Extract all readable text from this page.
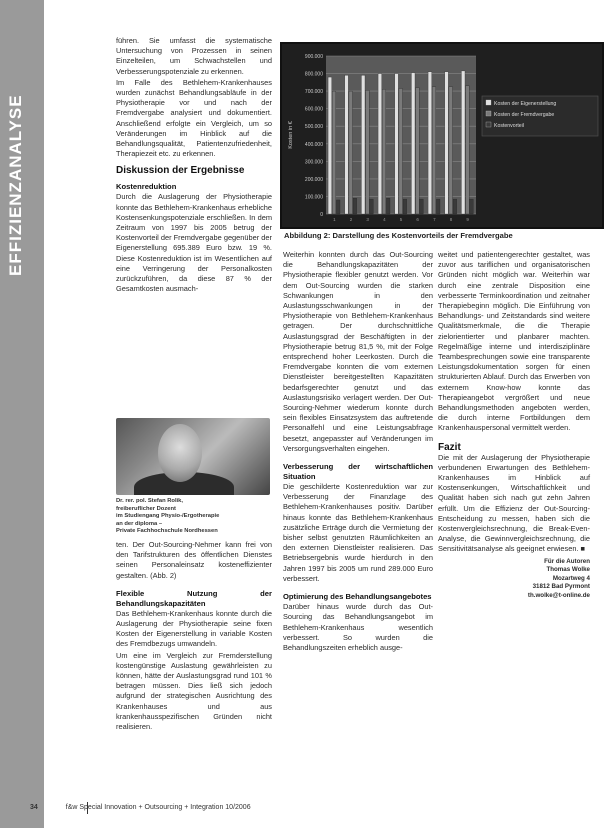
EFFIZIENZANALYSE

führen. Sie umfasst die systematische Untersuchung von Prozessen in seinen Einzelteilen, um Schwachstellen und Verbesserungspotenziale zu erkennen.

Im Falle des Bethlehem-Krankenhauses wurden zunächst Behandlungsabläufe in der Physiotherapie vor und nach der Fremdvergabe analysiert und dokumentiert. Anschließend erfolgte ein Vergleich, um so Veränderungen im Hinblick auf die Behandlungsqualität, Patientenzufriedenheit, Therapiezeit etc. zu erkennen.

Diskussion der Ergebnisse
Kostenreduktion

Durch die Auslagerung der Physiotherapie konnte das Bethlehem-Krankenhaus erhebliche Kostensenkungspotenziale erschließen. In dem Zeitraum von 1997 bis 2005 betrug der Kostenvorteil der Fremdvergabe gegenüber der Eigenerstellung 695.389 Euro bzw. 19 %. Diese Kostenreduktion ist im Wesentlichen auf eine Verringerung der Personalkosten zurückzuführen, da diese 87 % der Gesamtkosten ausmach-

Dr. rer. pol. Stefan Rolik,
freiberuflicher Dozent
im Studiengang Physio-/Ergotherapie
an der diploma –
Private Fachhochschule Nordhessen

ten. Der Out-Sourcing-Nehmer kann frei von den Tarifstrukturen des öffentlichen Dienstes seinen Personaleinsatz kosteneffizienter gestalten. (Abb. 2)

Flexible Nutzung der Behandlungskapazitäten

Das Bethlehem-Krankenhaus konnte durch die Auslagerung der Physiotherapie seine fixen Kosten der Eigenerstellung in variable Kosten des Fremdbezugs umwandeln.

Um eine im Vergleich zur Fremderstellung kostengünstige Auslastung gewährleisten zu können, hätte der Auslastungsgrad rund 101 % betragen müssen. Dies ließ sich jedoch aufgrund der strategischen Ausrichtung des Krankenhauses und aus krankenhausspezifischen Gründen nicht realisieren.

0
100.000
200.000
300.000
400.000
500.000
600.000
700.000
800.000
900.000
Kosten in €
1	2	3	4	5	6	7	8	9
Kosten der Eigenerstellung
Kosten der Fremdvergabe
Kostenvorteil
Abbildung 2: Darstellung des Kostenvorteils der Fremdvergabe

Weiterhin konnten durch das Out-Sourcing die Behandlungskapazitäten der Physiotherapie flexibler genutzt werden. Vor dem Out-Sourcing wurden die starken Schwankungen in den Auslastungsschwankungen in der Physiotherapie von Bethlehem-Krankenhaus getragen. Der durchschnittliche Auslastungsgrad der Beschäftigten in der Physiotherapie betrug 81,5 %, mit der Folge entsprechend hoher Leerkosten. Durch die Fremdvergabe konnten die vom externen Dienstleister bereitgestellten Kapazitäten bedarfsgerechter genutzt und das Auslastungsrisiko verlagert werden. Der Out-Sourcing-Nehmer wiederum konnte durch sein flexibles Einsatzsystem das auftretende Personalfehl und eine Leistungsabfrage besetzt, angepasster auf Veränderungen im Versorgungsverhalten eingehen.

Verbesserung der wirtschaftlichen Situation

Die geschilderte Kostenreduktion war zur Verbesserung der Finanzlage des Bethlehem-Krankenhauses positiv. Darüber hinaus konnte das Bethlehem-Krankenhaus zusätzliche Erträge durch die Vermietung der bisher selbst genutzten Räumlichkeiten an den externen Dienstleister realisieren. Das Betriebsergebnis wurde hierdurch in den Jahren 1997 bis 2005 um rund 289.000 Euro verbessert.

Optimierung des Behandlungsangebotes

Darüber hinaus wurde durch das Out-Sourcing das Behandlungsangebot im Bethlehem-Krankenhaus wesentlich verbessert. So wurden die Behandlungszeiten erheblich ausge-

weitet und patientengerechter gestaltet, was zuvor aus tariflichen und organisatorischen Gründen nicht möglich war. Weiterhin war durch eine zentrale Disposition eine verbesserte Terminkoordination und zeitnaher Therapiebeginn möglich. Die Einführung von Behandlungs- und Zeitstandards sind weitere Qualitätsmerkmale, die die Therapie zielorientierter und planbarer machten. Regelmäßige interne und interdisziplinäre Teambesprechungen sowie eine transparente Leistungsdokumentation sorgen für einen strukturierten Ablauf. Durch das Erwerben von externem Know-how konnte das Therapieangebot vergrößert und neue Behandlungsmethoden angeboten werden, die durch interne Fortbildungen dem Krankenhauspersonal vermittelt werden.

Fazit

Die mit der Auslagerung der Physiotherapie verbundenen Erwartungen des Bethlehem-Krankenhauses im Hinblick auf Kostensenkungen, Wirtschaftlichkeit und Qualität haben sich nach gut zehn Jahren erfüllt. Um die Effizienz der Out-Sourcing-Entscheidung zu messen, haben sich die Kostenvergleichsrechnung, die Break-Even-Analyse, die Gewinnvergleichsrechnung, die Sensitivitätsanalyse als geeignet erwiesen. ■

Für die Autoren
Thomas Wolke
Mozartweg 4
31812 Bad Pyrmont
th.wolke@t-online.de
34	f&w Special Innovation + Outsourcing + Integration 10/2006
